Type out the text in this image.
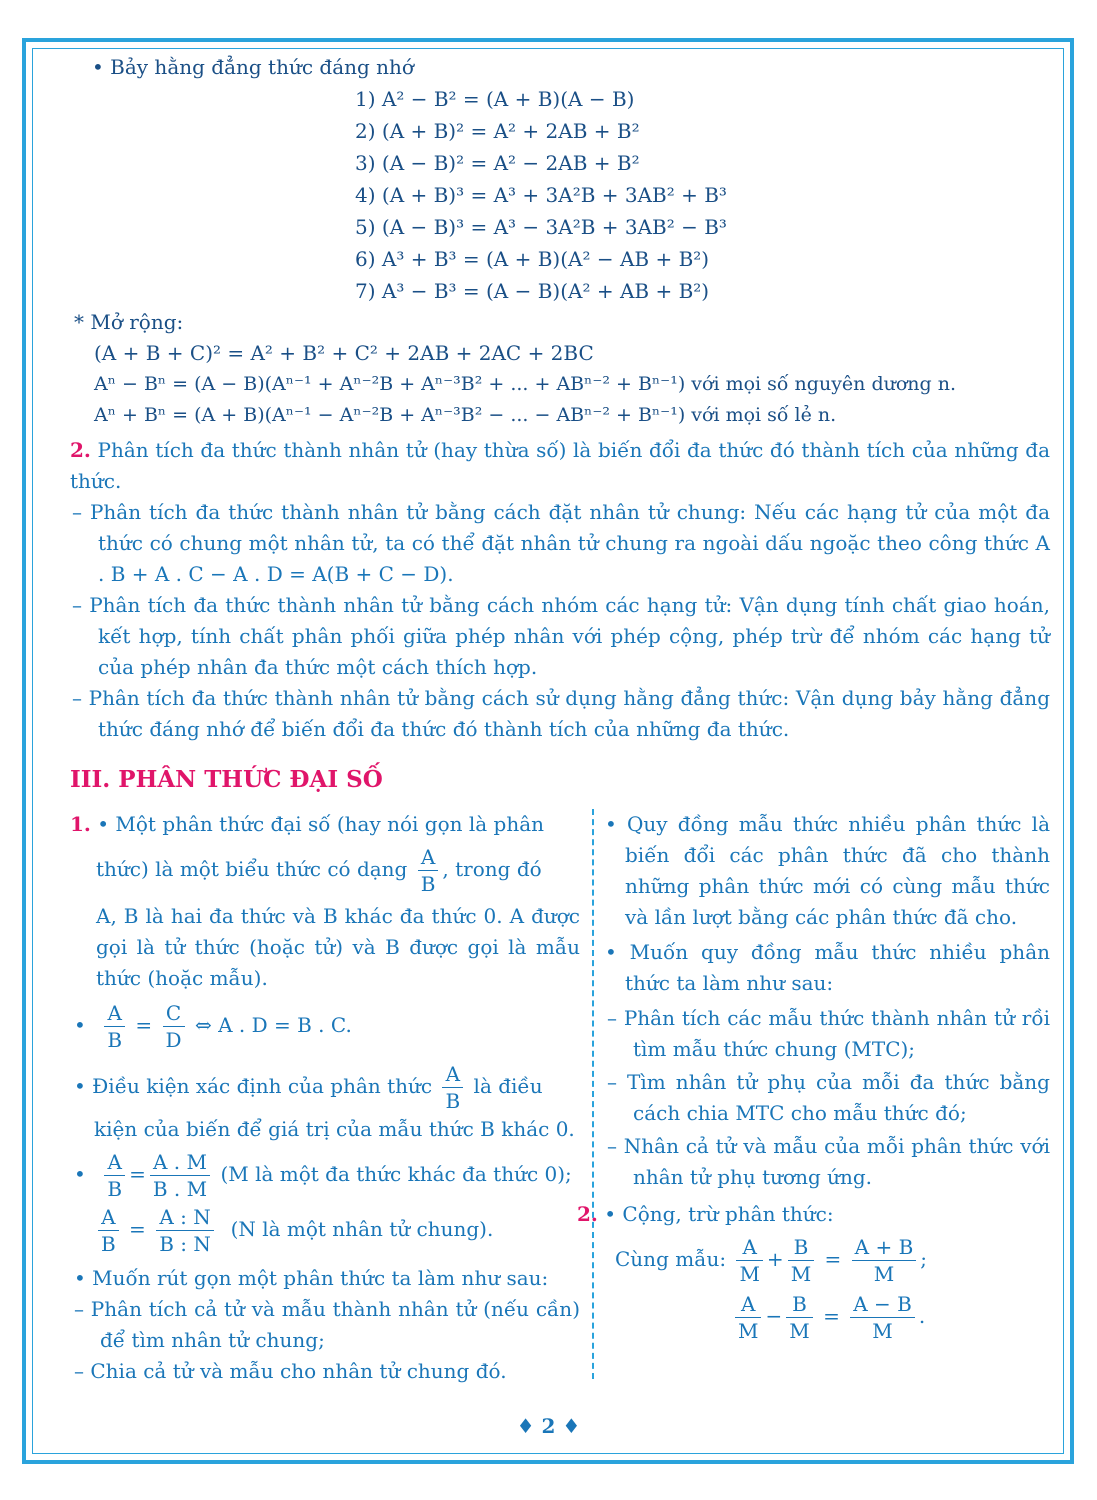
• Bảy hằng đẳng thức đáng nhớ

1) A² − B² = (A + B)(A − B)
2) (A + B)² = A² + 2AB + B²
3) (A − B)² = A² − 2AB + B²
4) (A + B)³ = A³ + 3A²B + 3AB² + B³
5) (A − B)³ = A³ − 3A²B + 3AB² − B³
6) A³ + B³ = (A + B)(A² − AB + B²)
7) A³ − B³ = (A − B)(A² + AB + B²)

* Mở rộng:

(A + B + C)² = A² + B² + C² + 2AB + 2AC + 2BC

Aⁿ − Bⁿ = (A − B)(Aⁿ⁻¹ + Aⁿ⁻²B + Aⁿ⁻³B² + ... + ABⁿ⁻² + Bⁿ⁻¹) với mọi số nguyên dương n.

Aⁿ + Bⁿ = (A + B)(Aⁿ⁻¹ − Aⁿ⁻²B + Aⁿ⁻³B² − ... − ABⁿ⁻² + Bⁿ⁻¹) với mọi số lẻ n.

2. Phân tích đa thức thành nhân tử (hay thừa số) là biến đổi đa thức đó thành tích của những đa thức.

– Phân tích đa thức thành nhân tử bằng cách đặt nhân tử chung: Nếu các hạng tử của một đa thức có chung một nhân tử, ta có thể đặt nhân tử chung ra ngoài dấu ngoặc theo công thức A . B + A . C − A . D = A(B + C − D).

– Phân tích đa thức thành nhân tử bằng cách nhóm các hạng tử: Vận dụng tính chất giao hoán, kết hợp, tính chất phân phối giữa phép nhân với phép cộng, phép trừ để nhóm các hạng tử của phép nhân đa thức một cách thích hợp.

– Phân tích đa thức thành nhân tử bằng cách sử dụng hằng đẳng thức: Vận dụng bảy hằng đẳng thức đáng nhớ để biến đổi đa thức đó thành tích của những đa thức.

III. PHÂN THỨC ĐẠI SỐ
1. • Một phân thức đại số (hay nói gọn là phân
thức) là một biểu thức có dạng $\frac{A}{B}$ , trong đó
A, B là hai đa thức và B khác đa thức 0. A được gọi là tử thức (hoặc tử) và B được gọi là mẫu thức (hoặc mẫu).
• $\frac{A}{B} = \frac{C}{D}$ ⇔ A . D = B . C.
• Điều kiện xác định của phân thức $\frac{A}{B}$ là điều
kiện của biến để giá trị của mẫu thức B khác 0.
• $\frac{A}{B} = \frac{A . M}{B . M} (M$ là một đa thức khác đa thức 0);
$\frac{A}{B} = \frac{A : N}{B : N} (N$ là một nhân tử chung).
• Muốn rút gọn một phân thức ta làm như sau:
– Phân tích cả tử và mẫu thành nhân tử (nếu cần) để tìm nhân tử chung;
– Chia cả tử và mẫu cho nhân tử chung đó.
• Quy đồng mẫu thức nhiều phân thức là biến đổi các phân thức đã cho thành những phân thức mới có cùng mẫu thức và lần lượt bằng các phân thức đã cho.
• Muốn quy đồng mẫu thức nhiều phân thức ta làm như sau:
– Phân tích các mẫu thức thành nhân tử rồi tìm mẫu thức chung (MTC);
– Tìm nhân tử phụ của mỗi đa thức bằng cách chia MTC cho mẫu thức đó;
– Nhân cả tử và mẫu của mỗi phân thức với nhân tử phụ tương ứng.
2. • Cộng, trừ phân thức:
Cùng mẫu: $\frac{A}{M} + \frac{B}{M} = \frac{A + B}{M}$ ;
$\frac{A}{M} - \frac{B}{M} = \frac{A - B}{M}$ .
♦ 2 ♦
